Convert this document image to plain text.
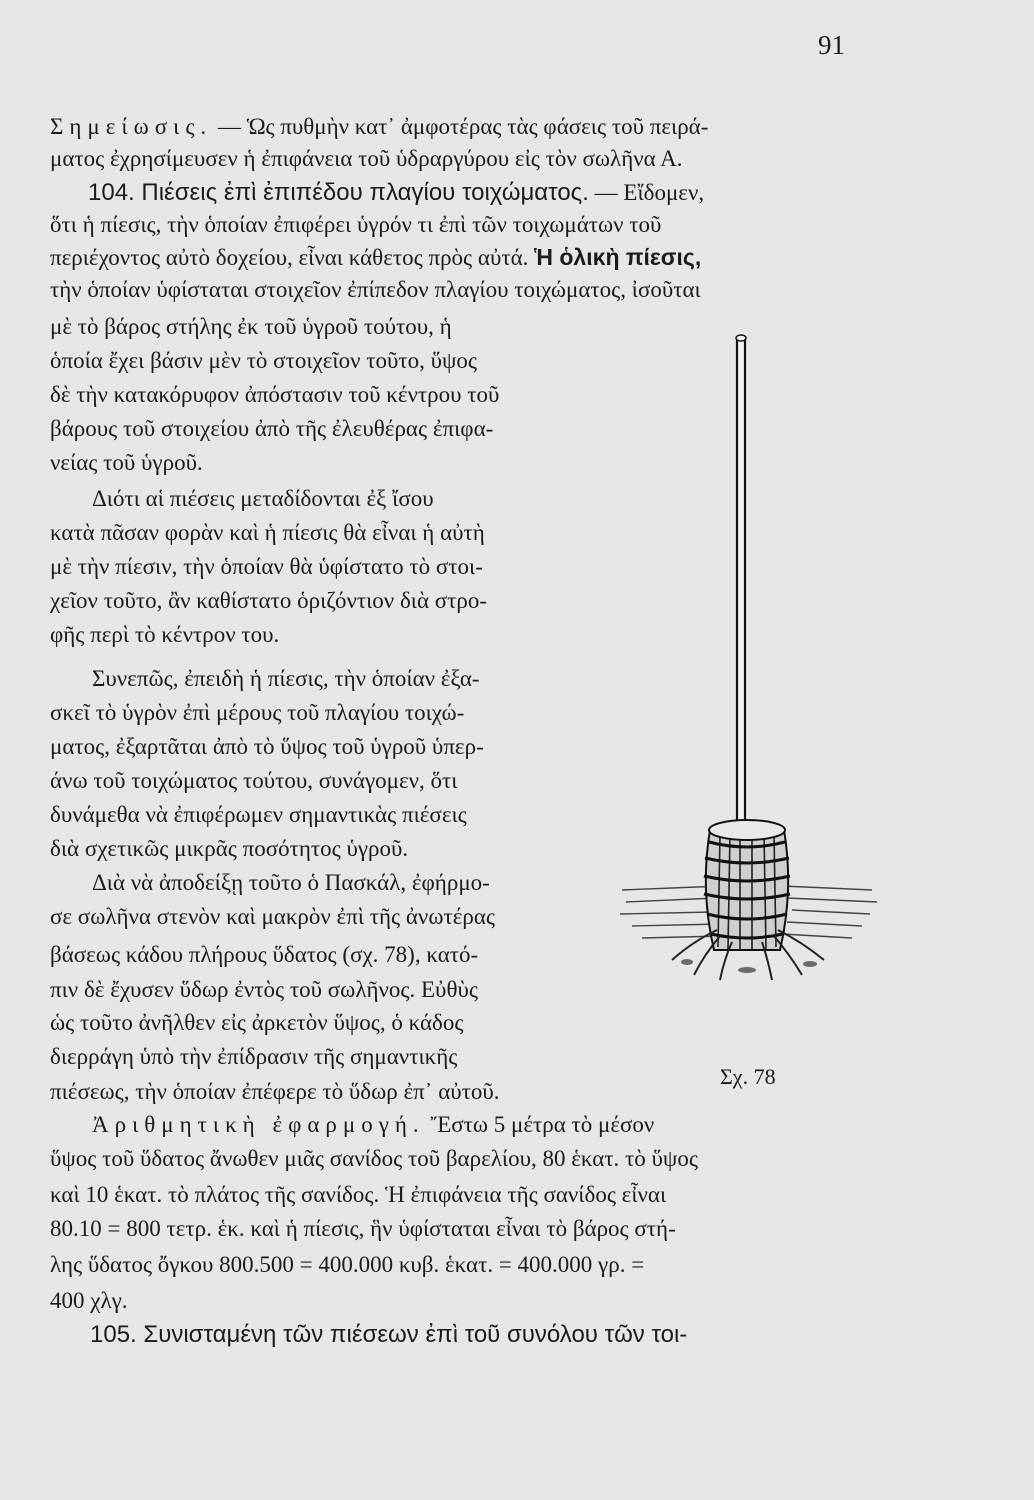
91
Σημείωσις. — Ὡς πυθμὴν κατ᾽ ἀμφοτέρας τὰς φάσεις τοῦ πειρά-
ματος ἐχρησίμευσεν ἡ ἐπιφάνεια τοῦ ὑδραργύρου εἰς τὸν σωλῆνα Α.
104. Πιέσεις ἐπὶ ἐπιπέδου πλαγίου τοιχώματος. — Εἴδομεν,
ὅτι ἡ πίεσις, τὴν ὁποίαν ἐπιφέρει ὑγρόν τι ἐπὶ τῶν τοιχωμάτων τοῦ
περιέχοντος αὐτὸ δοχείου, εἶναι κάθετος πρὸς αὐτά. Ἡ ὁλικὴ πίεσις,
τὴν ὁποίαν ὑφίσταται στοιχεῖον ἐπίπεδον πλαγίου τοιχώματος, ἰσοῦται
μὲ τὸ βάρος στήλης ἐκ τοῦ ὑγροῦ τούτου, ἡ
ὁποία ἔχει βάσιν μὲν τὸ στοιχεῖον τοῦτο, ὕψος
δὲ τὴν κατακόρυφον ἀπόστασιν τοῦ κέντρου τοῦ
βάρους τοῦ στοιχείου ἀπὸ τῆς ἐλευθέρας ἐπιφα-
νείας τοῦ ὑγροῦ.
Διότι αἱ πιέσεις μεταδίδονται ἐξ ἴσου
κατὰ πᾶσαν φορὰν καὶ ἡ πίεσις θὰ εἶναι ἡ αὐτὴ
μὲ τὴν πίεσιν, τὴν ὁποίαν θὰ ὑφίστατο τὸ στοι-
χεῖον τοῦτο, ἂν καθίστατο ὁριζόντιον διὰ στρο-
φῆς περὶ τὸ κέντρον του.
Συνεπῶς, ἐπειδὴ ἡ πίεσις, τὴν ὁποίαν ἐξα-
σκεῖ τὸ ὑγρὸν ἐπὶ μέρους τοῦ πλαγίου τοιχώ-
ματος, ἐξαρτᾶται ἀπὸ τὸ ὕψος τοῦ ὑγροῦ ὑπερ-
άνω τοῦ τοιχώματος τούτου, συνάγομεν, ὅτι
δυνάμεθα νὰ ἐπιφέρωμεν σημαντικὰς πιέσεις
διὰ σχετικῶς μικρᾶς ποσότητος ὑγροῦ.
Διὰ νὰ ἀποδείξῃ τοῦτο ὁ Πασκάλ, ἐφήρμο-
σε σωλῆνα στενὸν καὶ μακρὸν ἐπὶ τῆς ἀνωτέρας
βάσεως κάδου πλήρους ὕδατος (σχ. 78), κατό-
πιν δὲ ἔχυσεν ὕδωρ ἐντὸς τοῦ σωλῆνος. Εὐθὺς
ὡς τοῦτο ἀνῆλθεν εἰς ἀρκετὸν ὕψος, ὁ κάδος
διερράγη ὑπὸ τὴν ἐπίδρασιν τῆς σημαντικῆς
πιέσεως, τὴν ὁποίαν ἐπέφερε τὸ ὕδωρ ἐπ᾽ αὐτοῦ.
Ἀριθμητικὴ ἐφαρμογή. Ἔστω 5 μέτρα τὸ μέσον
ὕψος τοῦ ὕδατος ἄνωθεν μιᾶς σανίδος τοῦ βαρελίου, 80 ἑκατ. τὸ ὕψος
καὶ 10 ἑκατ. τὸ πλάτος τῆς σανίδος. Ἡ ἐπιφάνεια τῆς σανίδος εἶναι
80.10 = 800 τετρ. ἑκ. καὶ ἡ πίεσις, ἣν ὑφίσταται εἶναι τὸ βάρος στή-
λης ὕδατος ὄγκου 800.500 = 400.000 κυβ. ἑκατ. = 400.000 γρ. =
400 χλγ.
105. Συνισταμένη τῶν πιέσεων ἐπὶ τοῦ συνόλου τῶν τοι-
Σχ. 78
